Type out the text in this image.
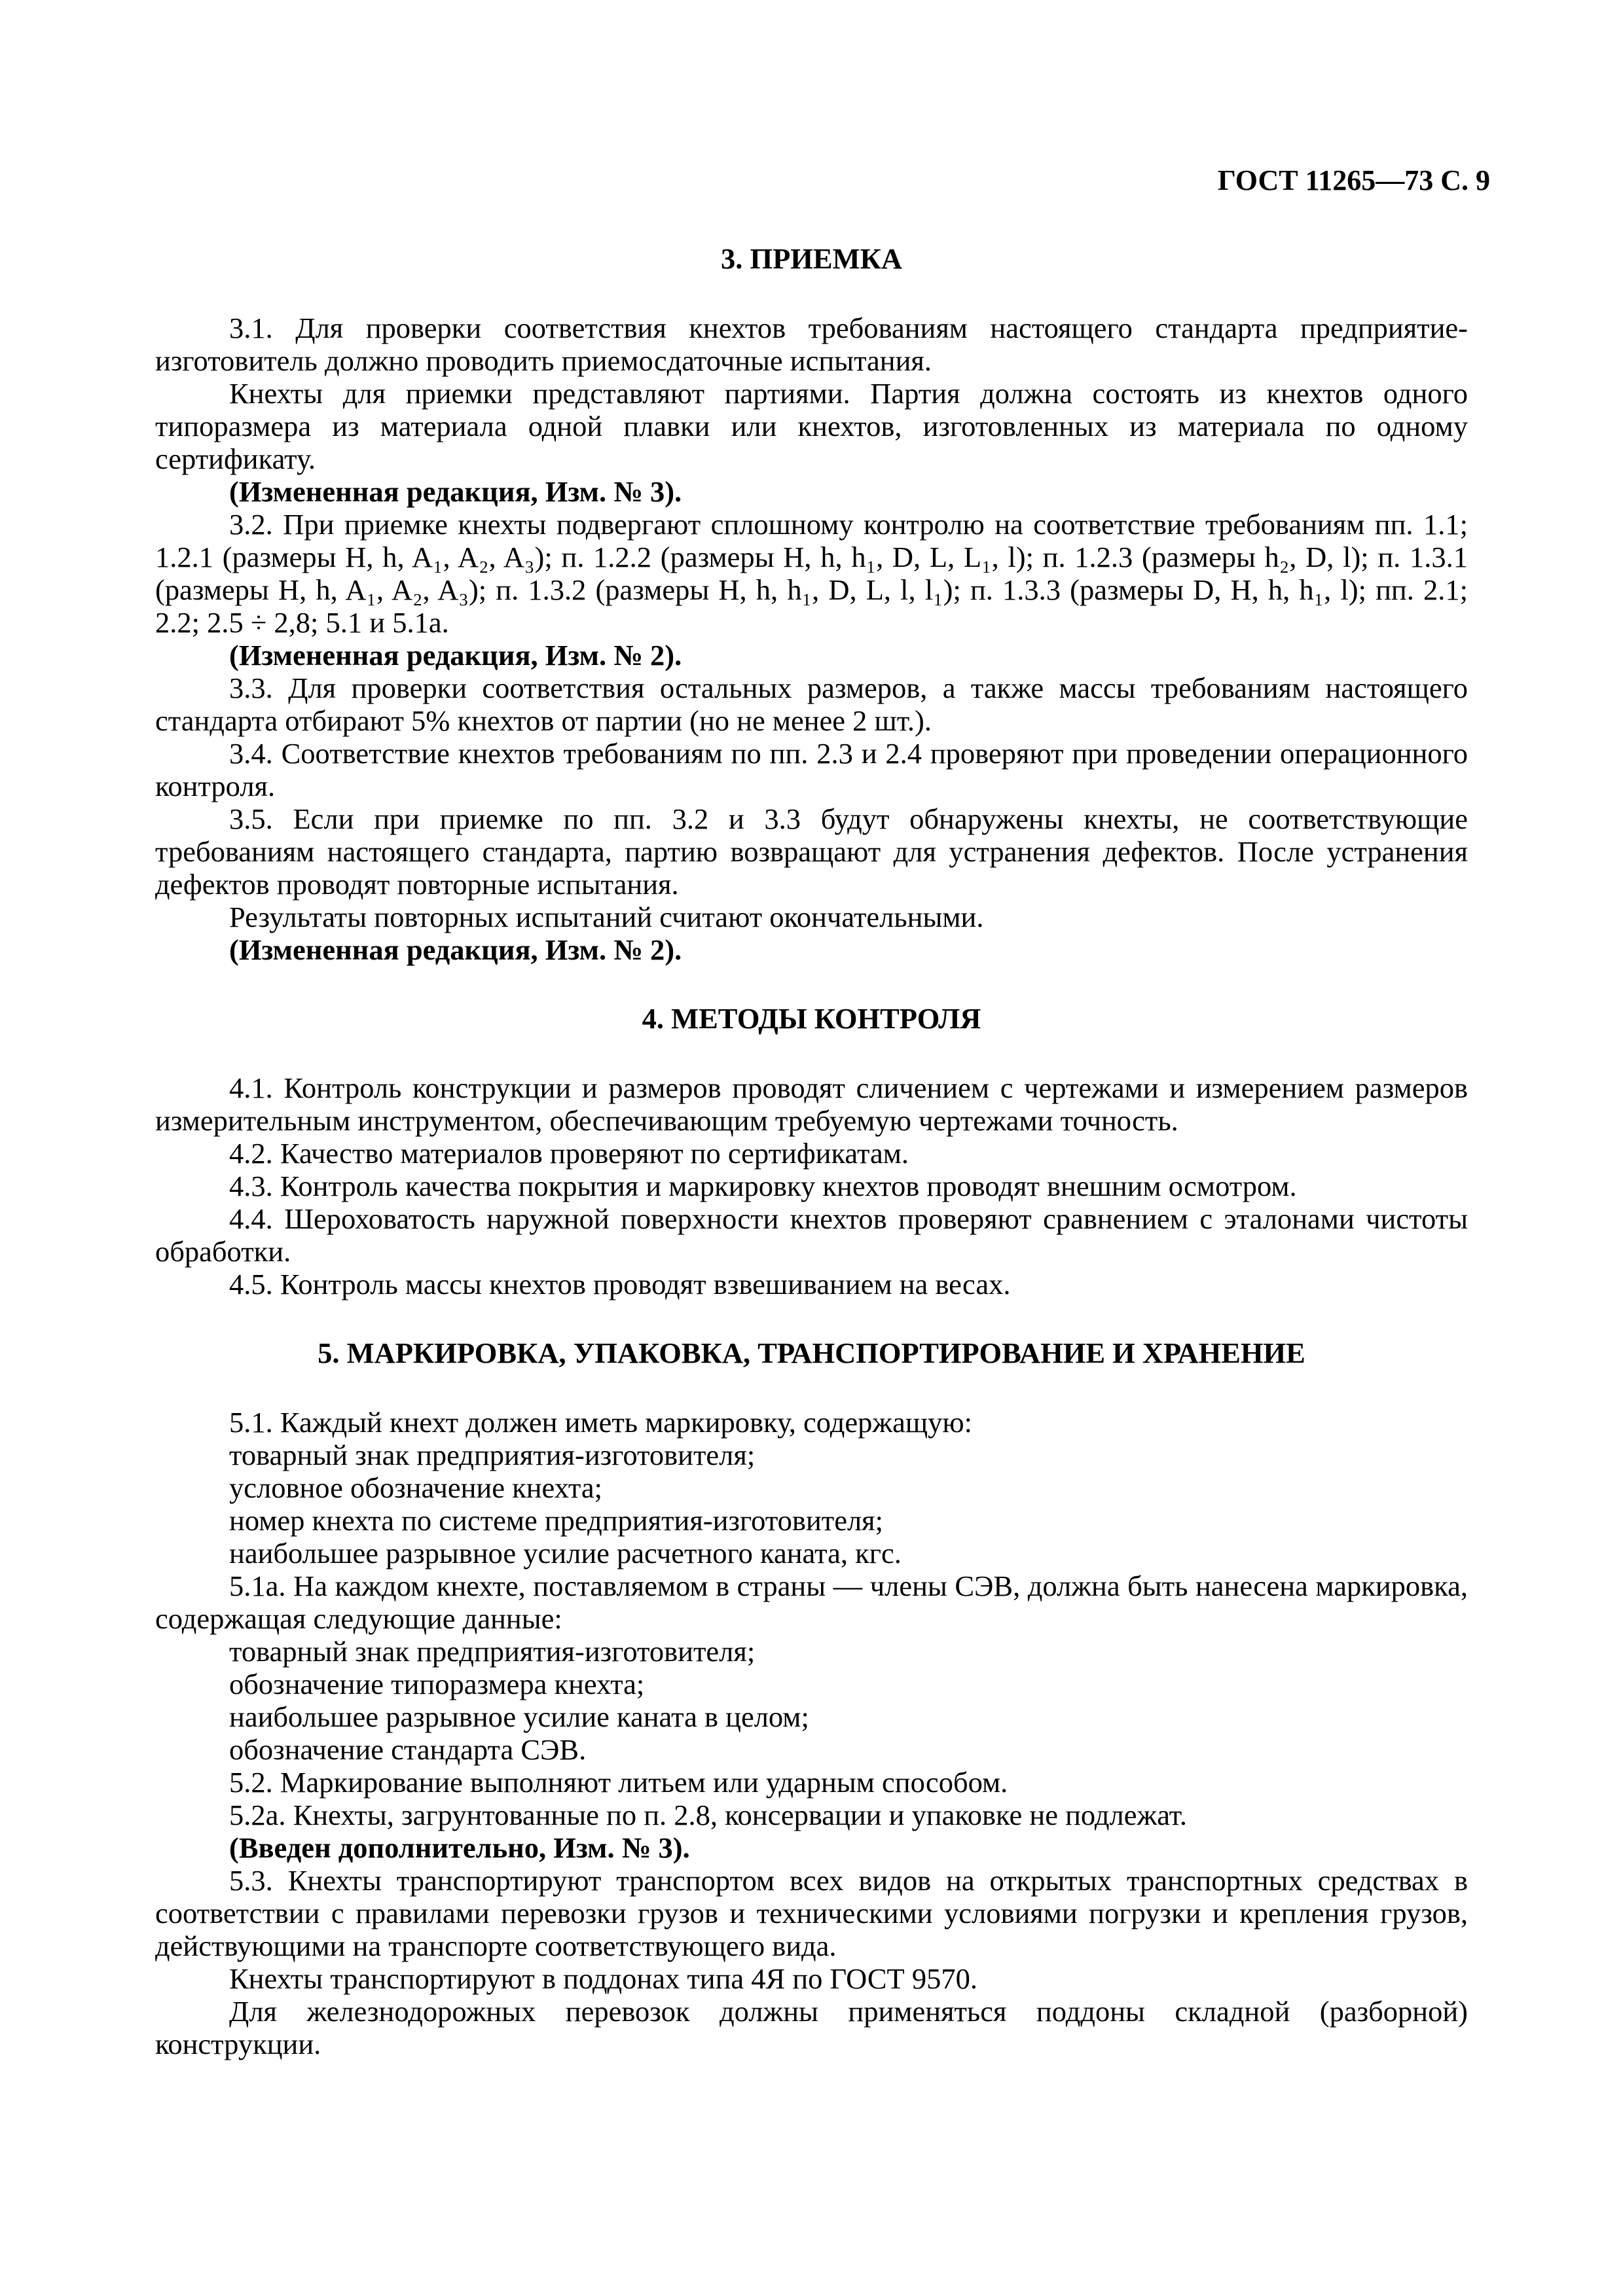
ГОСТ 11265—73 С. 9
3. ПРИЕМКА

3.1. Для проверки соответствия кнехтов требованиям настоящего стандарта предприятие-изготовитель должно проводить приемосдаточные испытания.

Кнехты для приемки представляют партиями. Партия должна состоять из кнехтов одного типоразмера из материала одной плавки или кнехтов, изготовленных из материала по одному сертификату.

(Измененная редакция, Изм. № 3).

3.2. При приемке кнехты подвергают сплошному контролю на соответствие требованиям пп. 1.1; 1.2.1 (размеры H, h, A₁, A₂, A₃); п. 1.2.2 (размеры H, h, h₁, D, L, L₁, l); п. 1.2.3 (размеры h₂, D, l); п. 1.3.1 (размеры H, h, A₁, A₂, A₃); п. 1.3.2 (размеры H, h, h₁, D, L, l, l₁); п. 1.3.3 (размеры D, H, h, h₁, l); пп. 2.1; 2.2; 2.5 ÷ 2,8; 5.1 и 5.1а.

(Измененная редакция, Изм. № 2).

3.3. Для проверки соответствия остальных размеров, а также массы требованиям настоящего стандарта отбирают 5% кнехтов от партии (но не менее 2 шт.).

3.4. Соответствие кнехтов требованиям по пп. 2.3 и 2.4 проверяют при проведении операционного контроля.

3.5. Если при приемке по пп. 3.2 и 3.3 будут обнаружены кнехты, не соответствующие требованиям настоящего стандарта, партию возвращают для устранения дефектов. После устранения дефектов проводят повторные испытания.

Результаты повторных испытаний считают окончательными.

(Измененная редакция, Изм. № 2).

4. МЕТОДЫ КОНТРОЛЯ

4.1. Контроль конструкции и размеров проводят сличением с чертежами и измерением размеров измерительным инструментом, обеспечивающим требуемую чертежами точность.

4.2. Качество материалов проверяют по сертификатам.

4.3. Контроль качества покрытия и маркировку кнехтов проводят внешним осмотром.

4.4. Шероховатость наружной поверхности кнехтов проверяют сравнением с эталонами чистоты обработки.

4.5. Контроль массы кнехтов проводят взвешиванием на весах.

5. МАРКИРОВКА, УПАКОВКА, ТРАНСПОРТИРОВАНИЕ И ХРАНЕНИЕ

5.1. Каждый кнехт должен иметь маркировку, содержащую:

товарный знак предприятия-изготовителя;

условное обозначение кнехта;

номер кнехта по системе предприятия-изготовителя;

наибольшее разрывное усилие расчетного каната, кгс.

5.1а. На каждом кнехте, поставляемом в страны — члены СЭВ, должна быть нанесена маркировка, содержащая следующие данные:

товарный знак предприятия-изготовителя;

обозначение типоразмера кнехта;

наибольшее разрывное усилие каната в целом;

обозначение стандарта СЭВ.

5.2. Маркирование выполняют литьем или ударным способом.

5.2а. Кнехты, загрунтованные по п. 2.8, консервации и упаковке не подлежат.

(Введен дополнительно, Изм. № 3).

5.3. Кнехты транспортируют транспортом всех видов на открытых транспортных средствах в соответствии с правилами перевозки грузов и техническими условиями погрузки и крепления грузов, действующими на транспорте соответствующего вида.

Кнехты транспортируют в поддонах типа 4Я по ГОСТ 9570.

Для железнодорожных перевозок должны применяться поддоны складной (разборной) конструкции.
